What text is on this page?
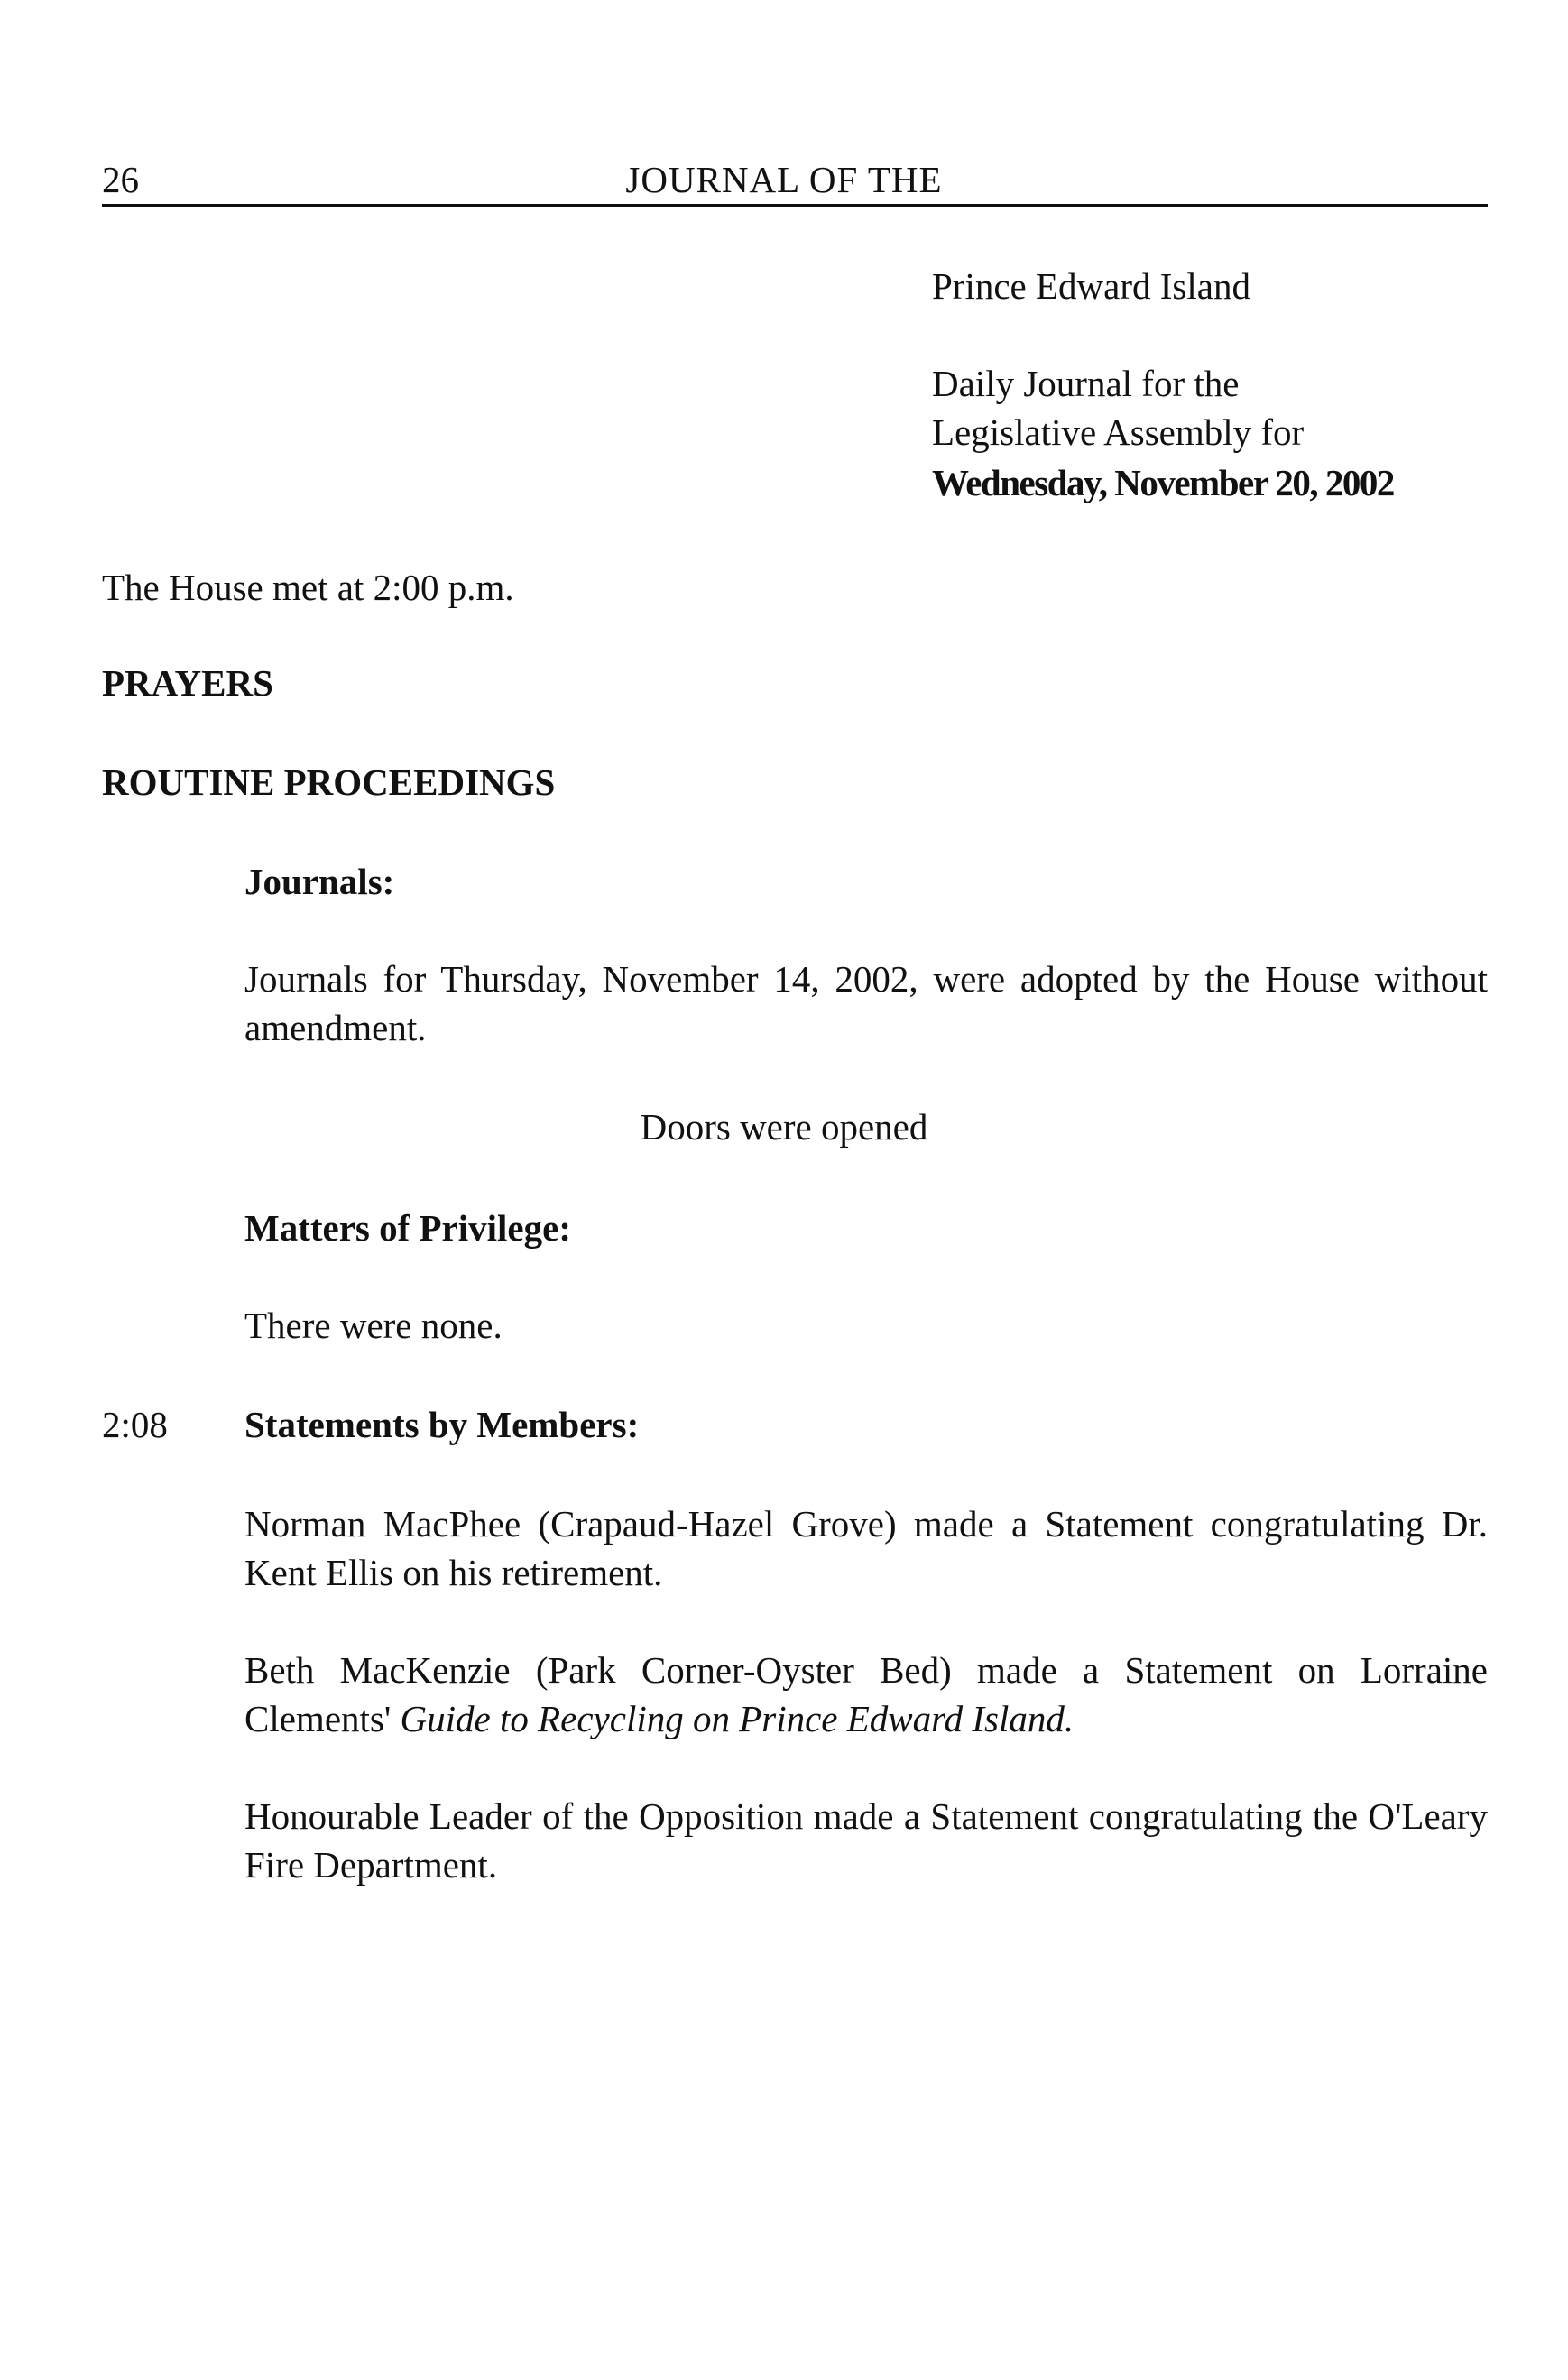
26	JOURNAL OF THE
Prince Edward Island
Daily Journal for the
Legislative Assembly for
Wednesday, November 20, 2002
The House met at 2:00 p.m.
PRAYERS
ROUTINE PROCEEDINGS
Journals:
Journals for Thursday, November 14, 2002, were adopted by the House without amendment.
Doors were opened
Matters of Privilege:
There were none.
2:08 Statements by Members:
Norman MacPhee (Crapaud-Hazel Grove) made a Statement congratulating Dr. Kent Ellis on his retirement.
Beth MacKenzie (Park Corner-Oyster Bed) made a Statement on Lorraine Clements' Guide to Recycling on Prince Edward Island.
Honourable Leader of the Opposition made a Statement congratulating the O'Leary Fire Department.
